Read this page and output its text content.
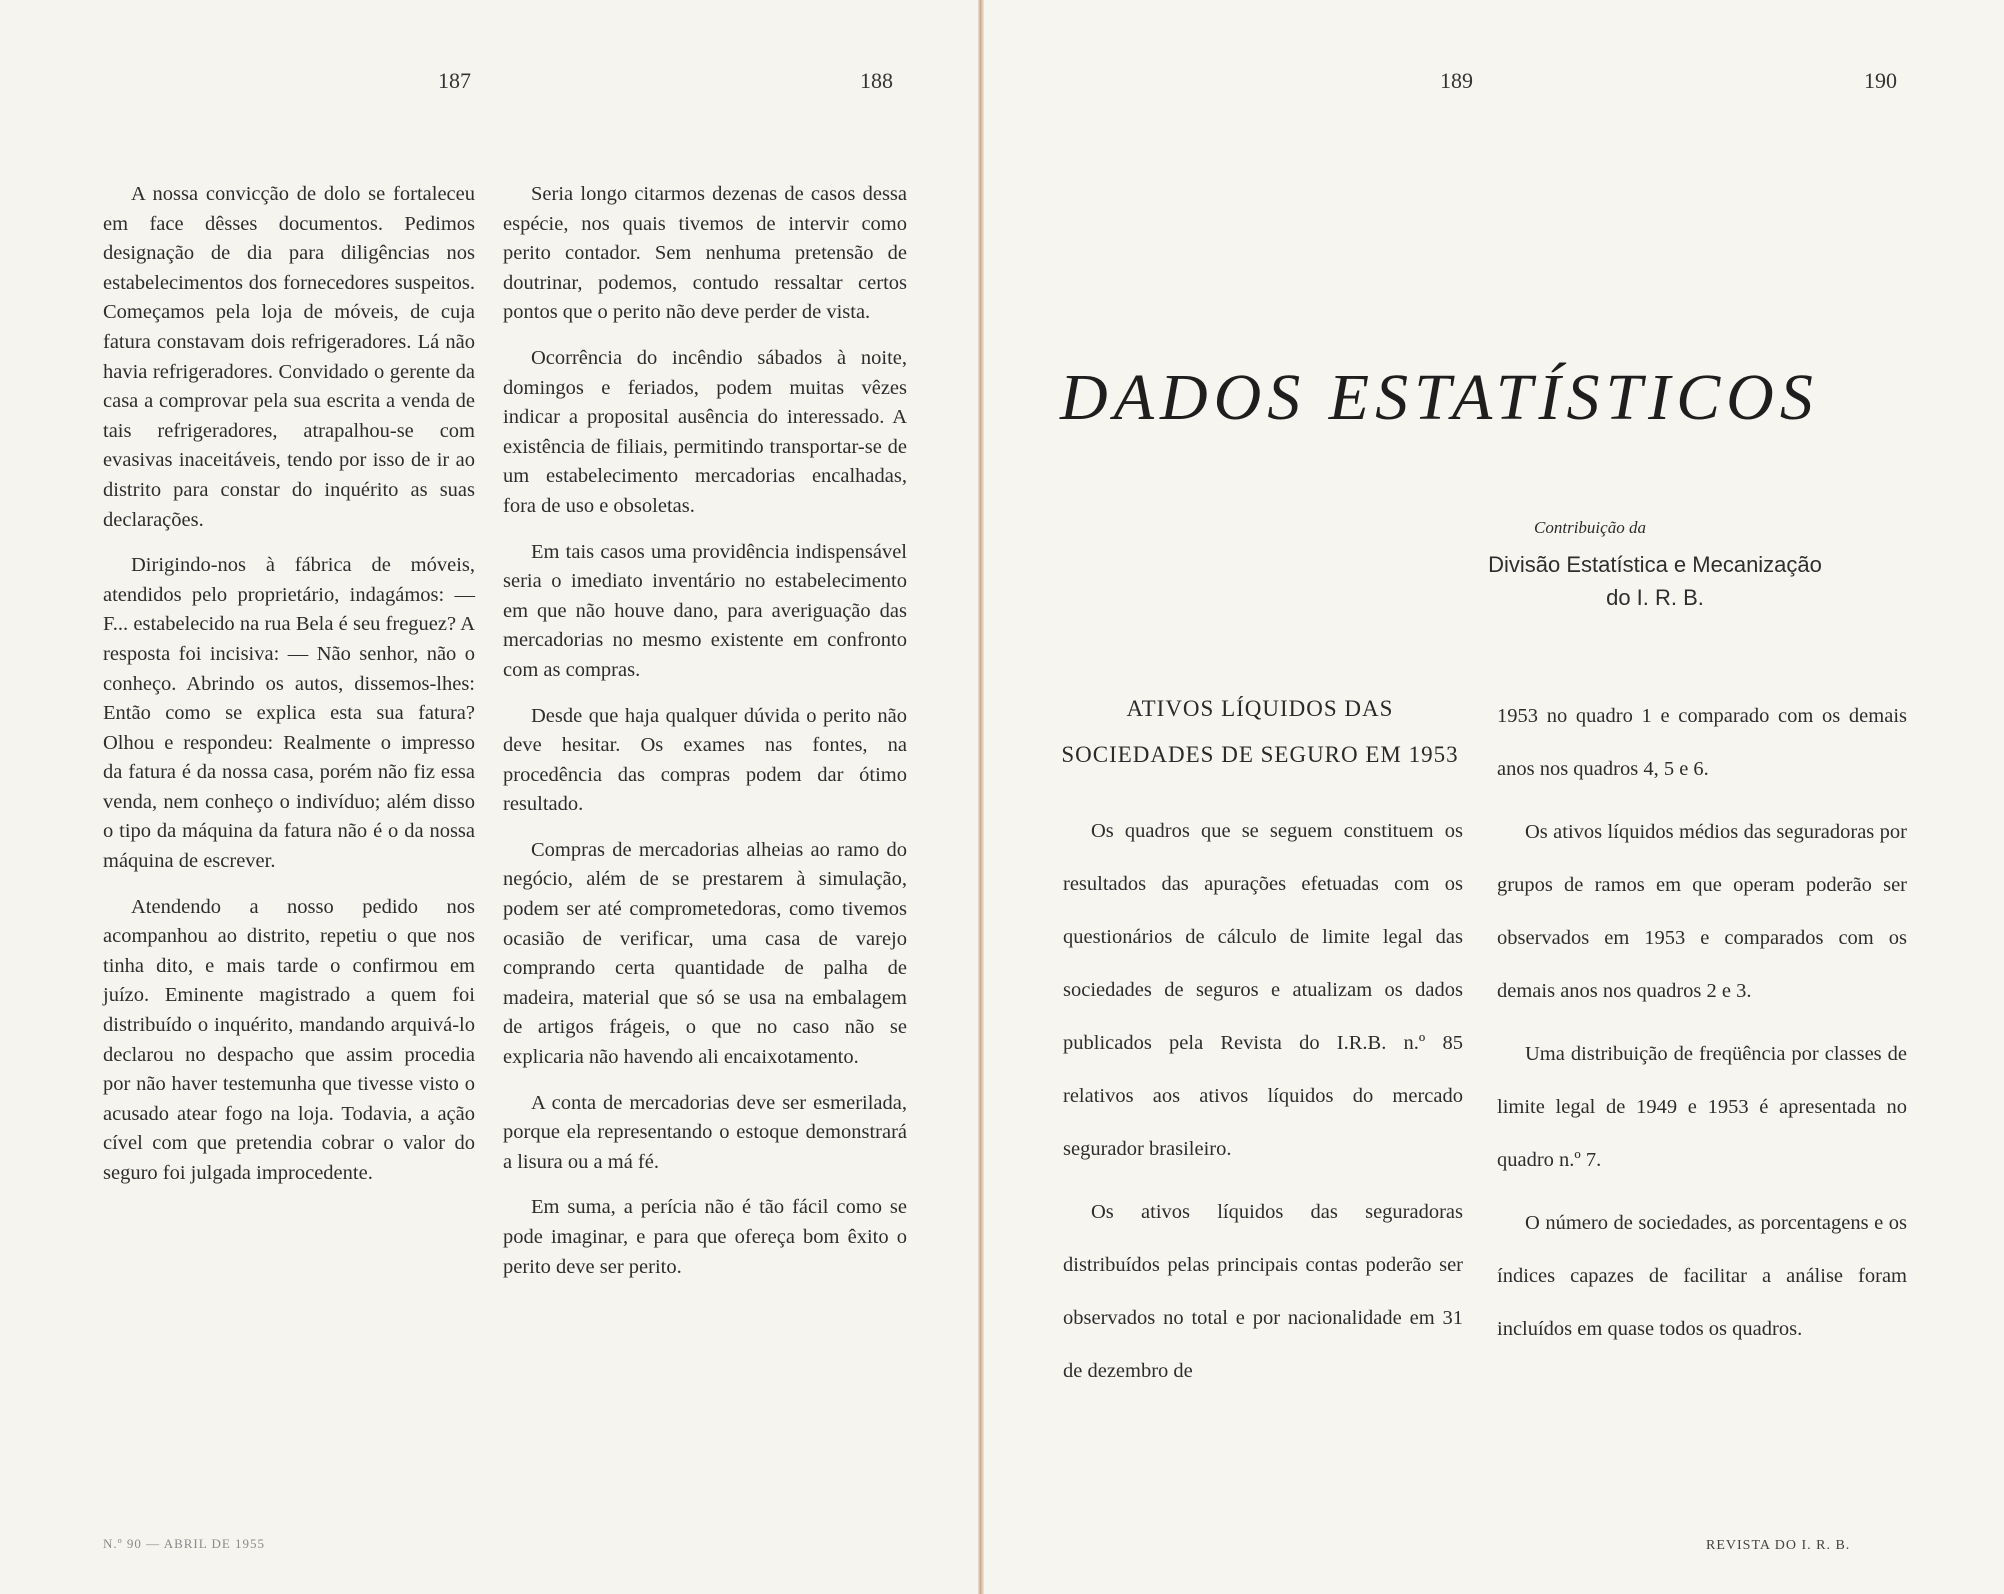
187	188	189	190

A nossa convicção de dolo se fortaleceu em face dêsses documentos. Pedimos designação de dia para diligências nos estabelecimentos dos fornecedores suspeitos. Começamos pela loja de móveis, de cuja fatura constavam dois refrigeradores. Lá não havia refrigeradores. Convidado o gerente da casa a comprovar pela sua escrita a venda de tais refrigeradores, atrapalhou-se com evasivas inaceitáveis, tendo por isso de ir ao distrito para constar do inquérito as suas declarações.

Dirigindo-nos à fábrica de móveis, atendidos pelo proprietário, indagámos: — F... estabelecido na rua Bela é seu freguez? A resposta foi incisiva: — Não senhor, não o conheço. Abrindo os autos, dissemos-lhes: Então como se explica esta sua fatura? Olhou e respondeu: Realmente o impresso da fatura é da nossa casa, porém não fiz essa venda, nem conheço o indivíduo; além disso o tipo da máquina da fatura não é o da nossa máquina de escrever.

Atendendo a nosso pedido nos acompanhou ao distrito, repetiu o que nos tinha dito, e mais tarde o confirmou em juízo. Eminente magistrado a quem foi distribuído o inquérito, mandando arquivá-lo declarou no despacho que assim procedia por não haver testemunha que tivesse visto o acusado atear fogo na loja. Todavia, a ação cível com que pretendia cobrar o valor do seguro foi julgada improcedente.

Seria longo citarmos dezenas de casos dessa espécie, nos quais tivemos de intervir como perito contador. Sem nenhuma pretensão de doutrinar, podemos, contudo ressaltar certos pontos que o perito não deve perder de vista.

Ocorrência do incêndio sábados à noite, domingos e feriados, podem muitas vêzes indicar a proposital ausência do interessado. A existência de filiais, permitindo transportar-se de um estabelecimento mercadorias encalhadas, fora de uso e obsoletas.

Em tais casos uma providência indispensável seria o imediato inventário no estabelecimento em que não houve dano, para averiguação das mercadorias no mesmo existente em confronto com as compras.

Desde que haja qualquer dúvida o perito não deve hesitar. Os exames nas fontes, na procedência das compras podem dar ótimo resultado.

Compras de mercadorias alheias ao ramo do negócio, além de se prestarem à simulação, podem ser até comprometedoras, como tivemos ocasião de verificar, uma casa de varejo comprando certa quantidade de palha de madeira, material que só se usa na embalagem de artigos frágeis, o que no caso não se explicaria não havendo ali encaixotamento.

A conta de mercadorias deve ser esmerilada, porque ela representando o estoque demonstrará a lisura ou a má fé.

Em suma, a perícia não é tão fácil como se pode imaginar, e para que ofereça bom êxito o perito deve ser perito.

DADOS ESTATÍSTICOS
Contribuição da
Divisão Estatística e Mecanização
do I. R. B.
ATIVOS LÍQUIDOS DAS SOCIEDADES DE SEGURO EM 1953

Os quadros que se seguem constituem os resultados das apurações efetuadas com os questionários de cálculo de limite legal das sociedades de seguros e atualizam os dados publicados pela Revista do I.R.B. n.º 85 relativos aos ativos líquidos do mercado segurador brasileiro.

Os ativos líquidos das seguradoras distribuídos pelas principais contas poderão ser observados no total e por nacionalidade em 31 de dezembro de

1953 no quadro 1 e comparado com os demais anos nos quadros 4, 5 e 6.

Os ativos líquidos médios das seguradoras por grupos de ramos em que operam poderão ser observados em 1953 e comparados com os demais anos nos quadros 2 e 3.

Uma distribuição de freqüência por classes de limite legal de 1949 e 1953 é apresentada no quadro n.º 7.

O número de sociedades, as porcentagens e os índices capazes de facilitar a análise foram incluídos em quase todos os quadros.

N.º 90 — ABRIL DE 1955	REVISTA DO I. R. B.
